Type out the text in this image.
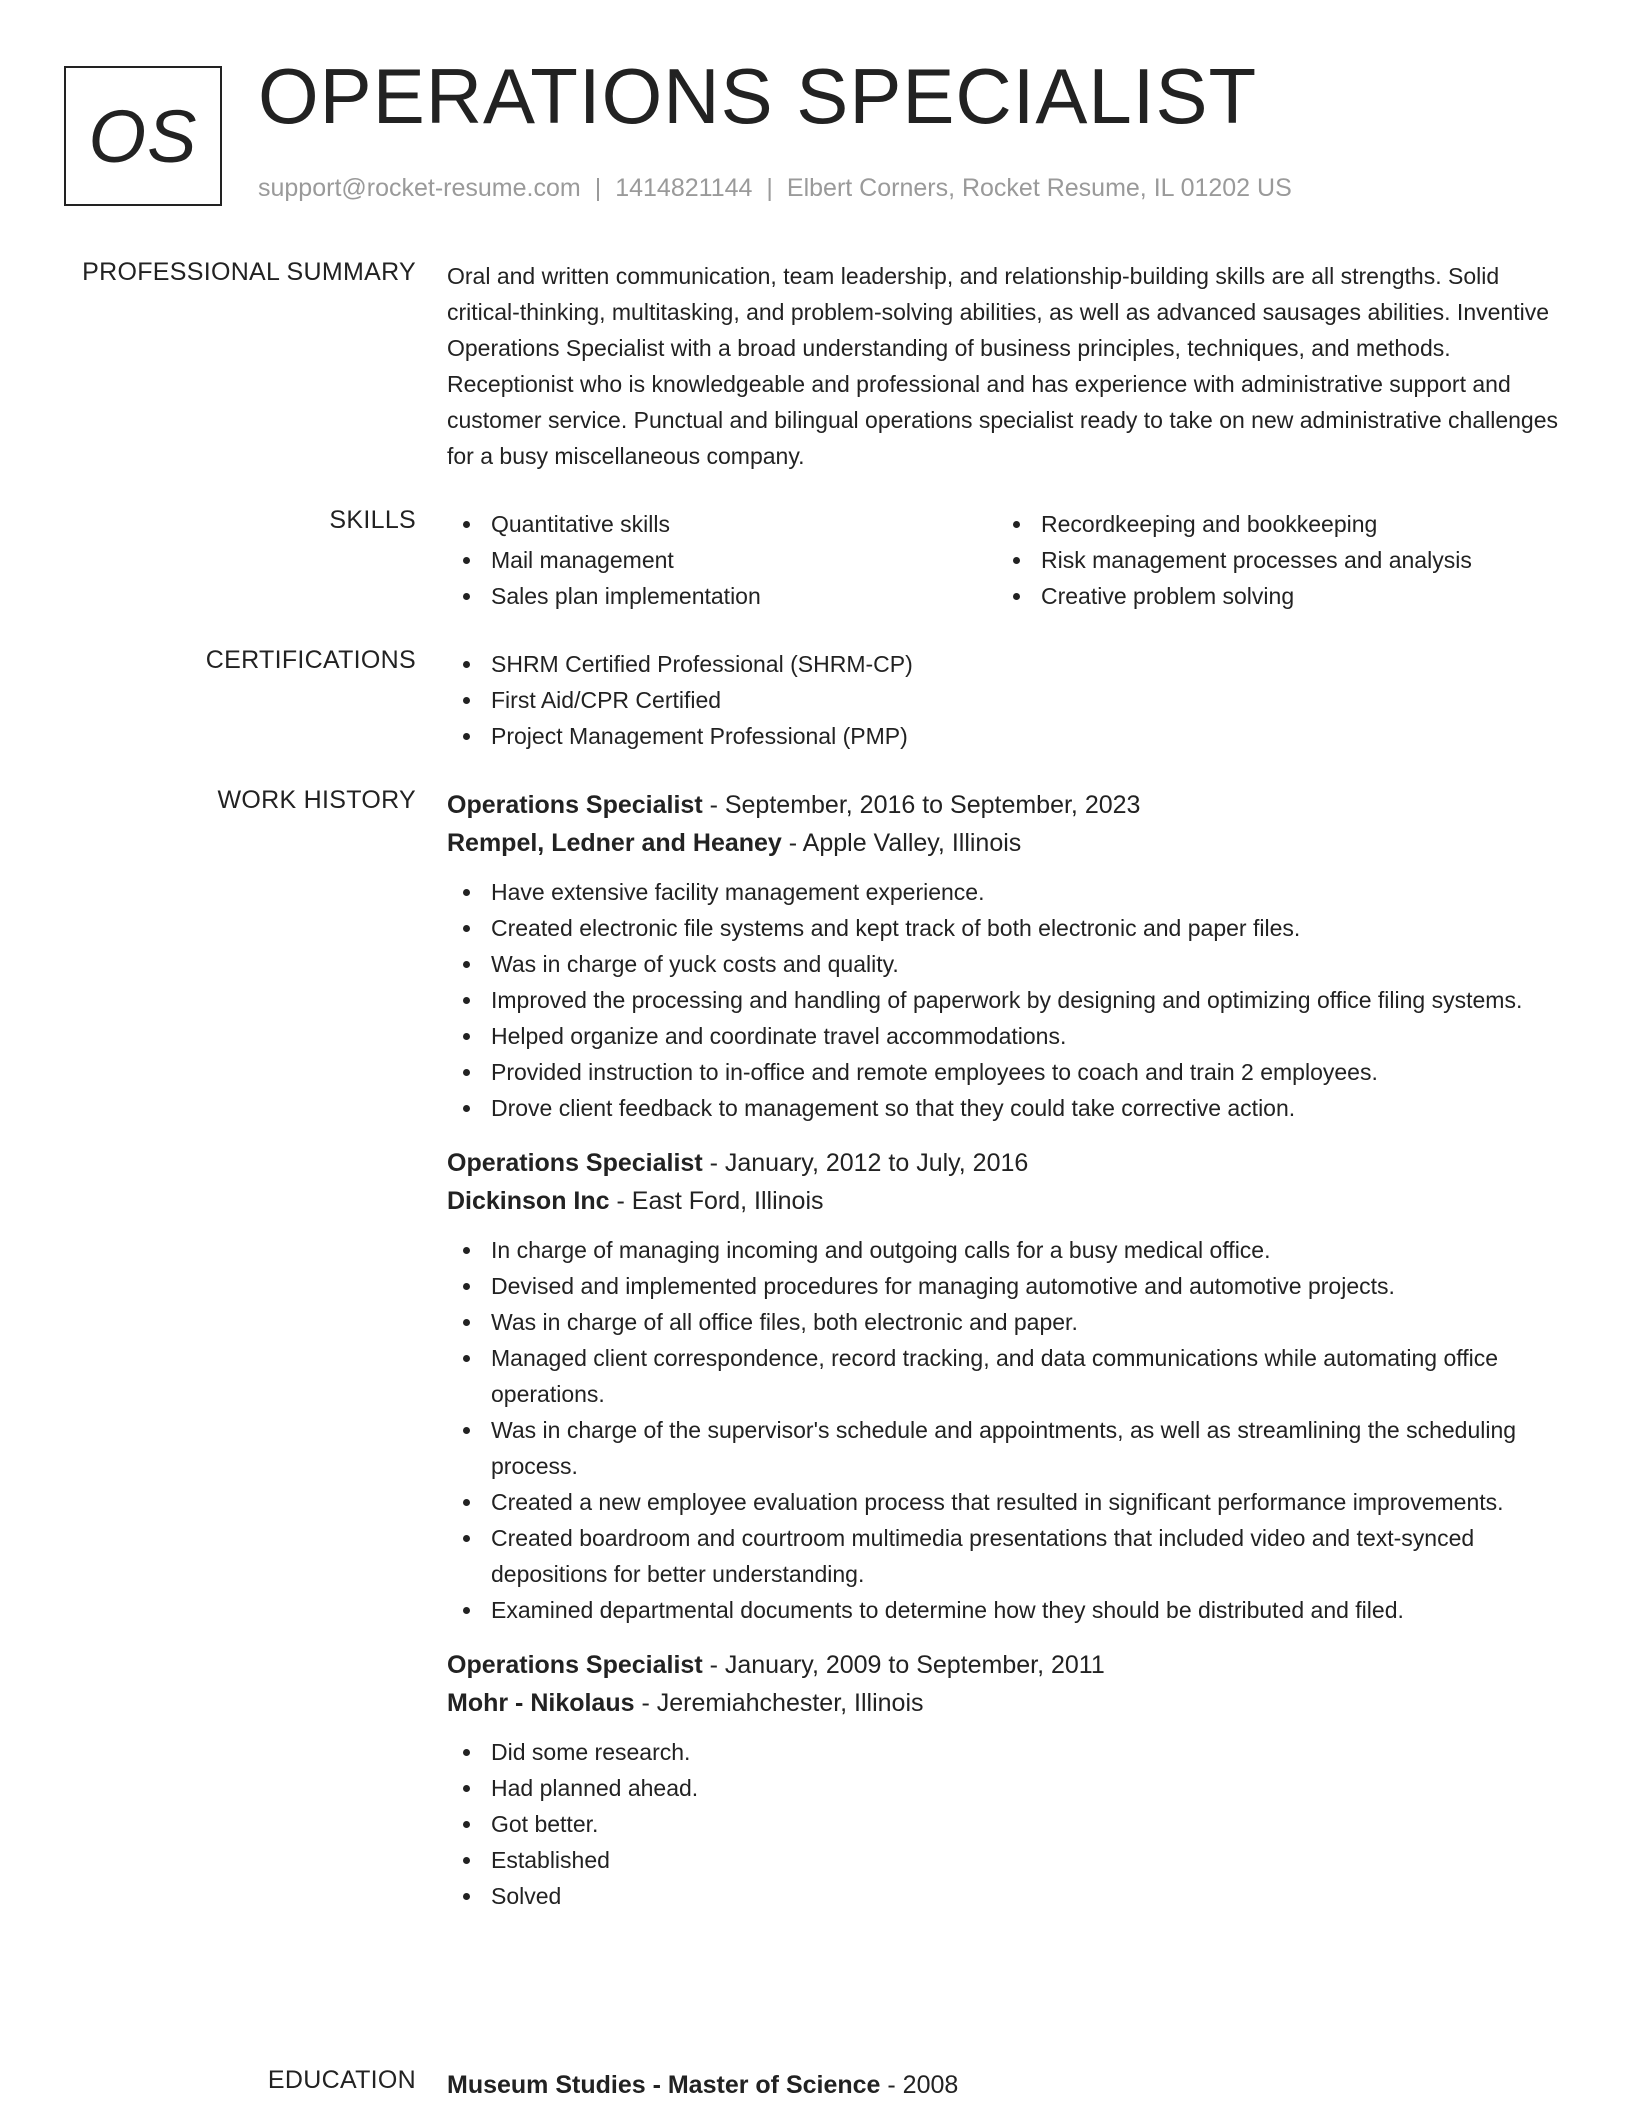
OS OPERATIONS SPECIALIST
support@rocket-resume.com | 1414821144 | Elbert Corners, Rocket Resume, IL 01202 US
PROFESSIONAL SUMMARY Oral and written communication, team leadership, and relationship-building skills are all strengths. Solid critical-thinking, multitasking, and problem-solving abilities, as well as advanced sausages abilities. Inventive Operations Specialist with a broad understanding of business principles, techniques, and methods. Receptionist who is knowledgeable and professional and has experience with administrative support and customer service. Punctual and bilingual operations specialist ready to take on new administrative challenges for a busy miscellaneous company.

SKILLS	Quantitative skills
Mail management
Sales plan implementation
Recordkeeping and bookkeeping
Risk management processes and analysis
Creative problem solving
CERTIFICATIONS	SHRM Certified Professional (SHRM-CP)
First Aid/CPR Certified
Project Management Professional (PMP)
WORK HISTORY Operations Specialist - September, 2016 to September, 2023
Rempel, Ledner and Heaney - Apple Valley, Illinois
Have extensive facility management experience.
Created electronic file systems and kept track of both electronic and paper files.
Was in charge of yuck costs and quality.
Improved the processing and handling of paperwork by designing and optimizing office filing systems.
Helped organize and coordinate travel accommodations.
Provided instruction to in-office and remote employees to coach and train 2 employees.
Drove client feedback to management so that they could take corrective action.
Operations Specialist - January, 2012 to July, 2016
Dickinson Inc - East Ford, Illinois
In charge of managing incoming and outgoing calls for a busy medical office.
Devised and implemented procedures for managing automotive and automotive projects.
Was in charge of all office files, both electronic and paper.
Managed client correspondence, record tracking, and data communications while automating office operations.
Was in charge of the supervisor's schedule and appointments, as well as streamlining the scheduling process.
Created a new employee evaluation process that resulted in significant performance improvements.
Created boardroom and courtroom multimedia presentations that included video and text-synced depositions for better understanding.
Examined departmental documents to determine how they should be distributed and filed.
Operations Specialist - January, 2009 to September, 2011
Mohr - Nikolaus - Jeremiahchester, Illinois
Did some research.
Had planned ahead.
Got better.
Established
Solved
EDUCATION Museum Studies - Master of Science - 2008
